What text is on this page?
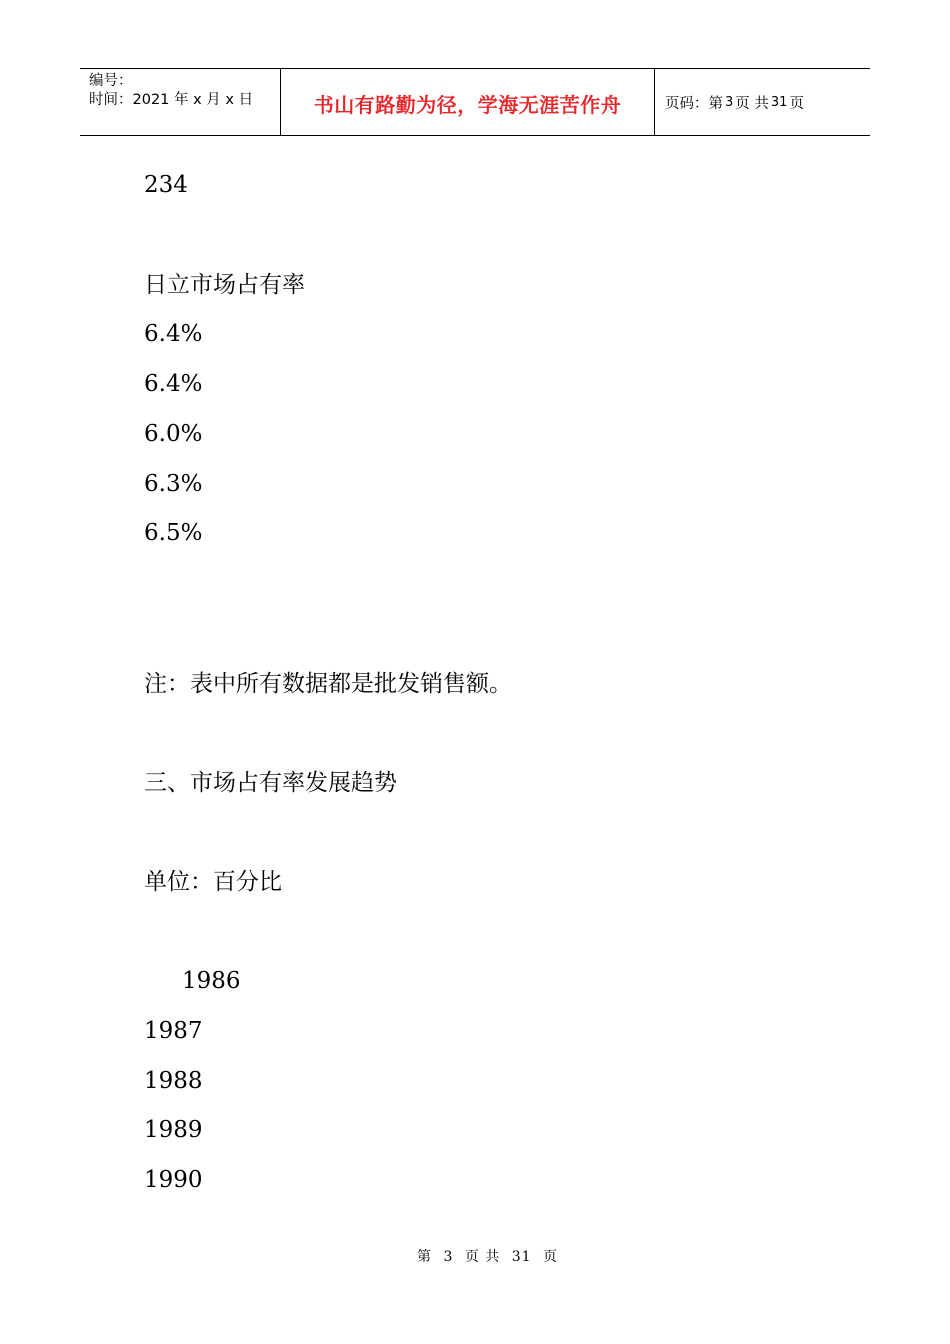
编号：
时间：2021 年 x 月 x 日	书山有路勤为径，学海无涯苦作舟	页码：第 3 页 共 31 页
234
日立市场占有率
6.4%
6.4%
6.0%
6.3%
6.5%
注：表中所有数据都是批发销售额。
三、市场占有率发展趋势
单位：百分比
1986
1987
1988
1989
1990
第 3 页 共 31 页
